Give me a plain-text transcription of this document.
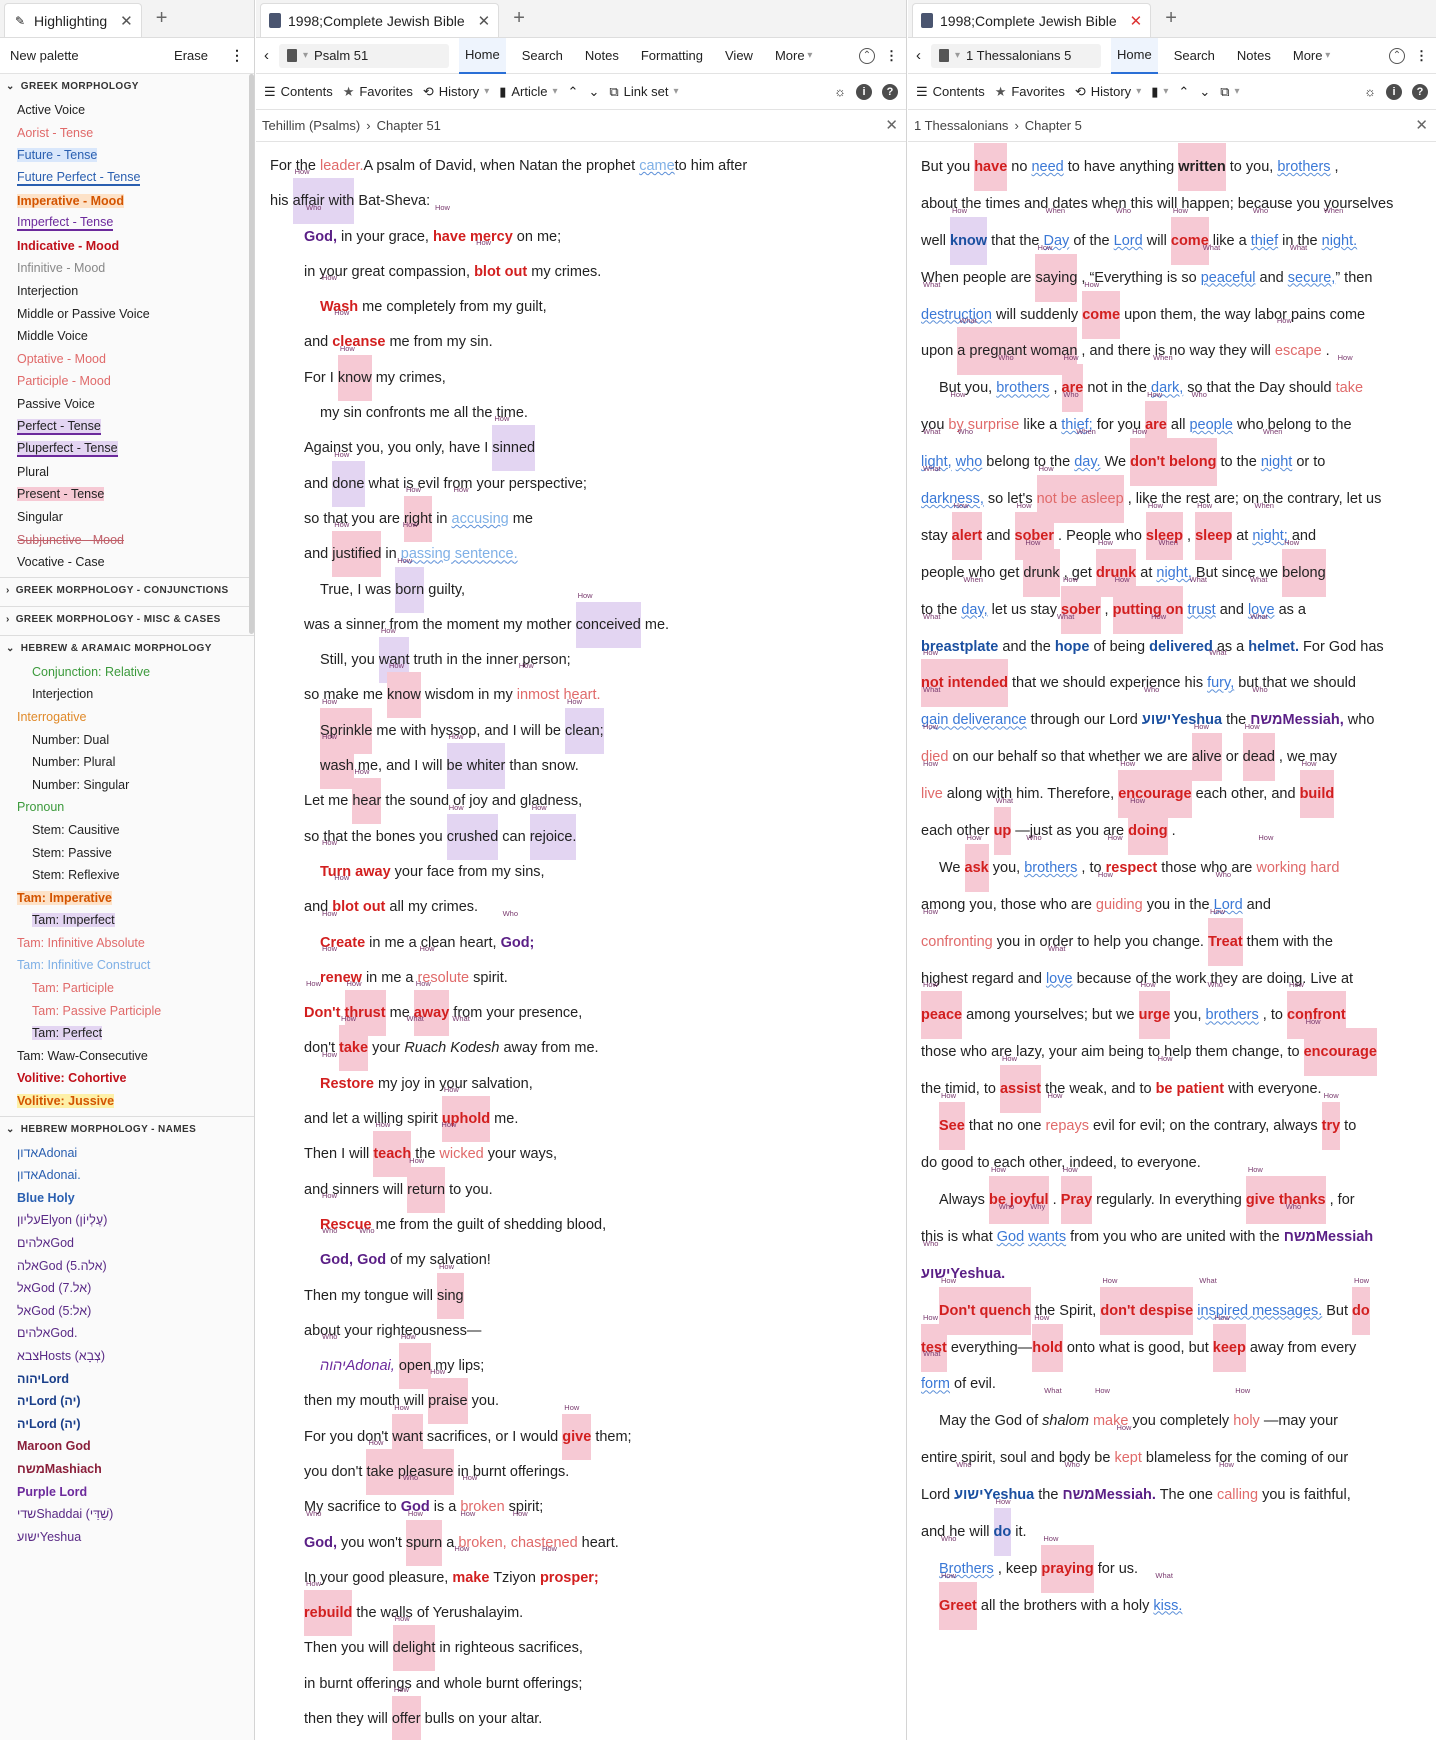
✎ Highlighting ✕ +
New palette	Erase ⋮
⌄ GREEK MORPHOLOGY
Active Voice
Aorist - Tense
Future - Tense
Future Perfect - Tense
Imperative - Mood
Imperfect - Tense
Indicative - Mood
Infinitive - Mood
Interjection
Middle or Passive Voice
Middle Voice
Optative - Mood
Participle - Mood
Passive Voice
Perfect - Tense
Pluperfect - Tense
Plural
Present - Tense
Singular
Subjunctive - Mood
Vocative - Case
› GREEK MORPHOLOGY - CONJUNCTIONS
› GREEK MORPHOLOGY - MISC & CASES
⌄ HEBREW & ARAMAIC MORPHOLOGY
Conjunction: Relative
Interjection
Interrogative
Number: Dual
Number: Plural
Number: Singular
Pronoun
Stem: Causitive
Stem: Passive
Stem: Reflexive
Tam: Imperative
Tam: Imperfect
Tam: Infinitive Absolute
Tam: Infinitive Construct
Tam: Participle
Tam: Passive Participle
Tam: Perfect
Tam: Waw-Consecutive
Volitive: Cohortive
Volitive: Jussive
⌄ HEBREW MORPHOLOGY - NAMES
אדוןAdonai
אדוןAdonai.
Blue Holy
עליוןElyon (עֶלְיוֹן)
אלהיםGod
אלהGod (5.אלה)
אלGod (7.אל)
אלGod (5:אל)
אלהיםGod.
צבאHosts (צְבָא)
יהוהLord
יהLord (יה)
יהLord (יה)
Maroon God
משחMashiach
Purple Lord
שדיShaddai (שַׁדַּי)
ישועYeshua
1998;Complete Jewish Bible ✕ +
‹	▾ Psalm 51	Home	Search	Notes	Formatting	View	More ▾	⌃ ⋮
☰ Contents ★ Favorites ⟲ History ▾ ▮ Article ▾ ⌃ ⌄ ⧉ Link set ▾	☼	i	?
Tehillim (Psalms) › Chapter 51	✕
For the How leader.A psalm of David, when Natan the prophet How cameto him after
his How affair with Bat-Sheva:
Who God, in your grace, How have mercy on me;
in your great compassion, How blot out my crimes.
How Wash me completely from my guilt,
and How cleanse me from my sin.
For I How know my crimes,
my sin confronts me all the time.
Against you, you only, have I How sinned
and How done what is evil from your perspective;
so that you are How right in How accusing me
and How justified in How passing sentence.
True, I was How born guilty,
was a sinner from the moment my mother How conceived me.
Still, you How want truth in the inner person;
so make me How know wisdom in my How inmost heart.
How Sprinkle me with hyssop, and I will be How clean;
How wash me, and I will How be whiter than snow.
Let me How hear the sound of joy and gladness,
so that the bones you How crushed can How rejoice.
How Turn away your face from my sins,
and How blot out all my crimes.
How Create in me a clean heart, Who God;
How renew in me a How resolute spirit.
How Don't How thrust me How away from your presence,
don't How take your What Ruach What Kodesh away from me.
How Restore my joy in your salvation,
and let a willing spirit How uphold me.
Then I will How teach the How wicked your ways,
and sinners will How return to you.
How Rescue me from the guilt of shedding blood,
Who God, Who God of my salvation!
Then my tongue will How sing
about your righteousness—
Who יהוהAdonai, How open my lips;
then my mouth will How praise you.
For you don't How want sacrifices, or I would How give them;
you don't How take pleasure in burnt offerings.
My sacrifice to Who God is a How broken spirit;
Who God, you won't How spurn a How broken, How chastened heart.
In your good pleasure, How make Tziyon How prosper;
How rebuild the walls of Yerushalayim.
Then you will How delight in righteous sacrifices,
in burnt offerings and whole burnt offerings;
then they will How offer bulls on your altar.
1998;Complete Jewish Bible ✕ +
‹	▾ 1 Thessalonians 5	Home	Search	Notes	More ▾	⌃ ⋮
☰ Contents ★ Favorites ⟲ History ▾ ▮ ▾ ⌃ ⌄ ⧉ ▾	☼	i	?
1 Thessalonians › Chapter 5	✕
But you How have no How need to have anything How written to you, Who brothers ,
about the times and dates when this will happen; because you yourselves
well How know that the When Day of the Who Lord will How come like a Who thief in the When night.
When people are How saying , “Everything is so What peaceful and What secure,” then
What destruction will suddenly How come upon them, the way labor pains come
upon What a pregnant woman , and there is no way they will How escape .
But you, Who brothers , How are not in the When dark, so that the Day should How take
you How by surprise like a Who thief; for you How are all Who people who belong to the
What light, Who who belong to the When day. We How don't belong to the When night or to
What darkness, so let's How not be asleep , like the rest are; on the contrary, let us
stay How alert and How sober . People who How sleep , How sleep at When night; and
people who get How drunk , get How drunk at When night. But since we How belong
to the When day, let us stay How sober , How putting on What trust and What love as a
What breastplate and the What hope of being How delivered as a What helmet. For God has
How not intended that we should experience his What fury, but that we should
What gain deliverance through our Lord Who ישועYeshua the Who משחMessiah, who
How died on our behalf so that whether we are How alive or How dead , we may
How live along with him. Therefore, How encourage each other, and How build
each other What up —just as you are How doing .
We How ask you, Who brothers , to How respect those who are How working hard
among you, those who are How guiding you in the Who Lord and
How confronting you in order to help you change. How Treat them with the
highest regard and What love because of the work they are doing. Live at
How peace among yourselves; but we How urge you, Who brothers , to How confront
those who are lazy, your aim being to help them change, to How encourage
the timid, to How assist the weak, and to How be patient with everyone.
How See that no one How repays evil for evil; on the contrary, always How try to
do good to each other, indeed, to everyone.
Always How be joyful . How Pray regularly. In everything How give thanks , for
this is what Who God Why wants from you who are united with the Who משחMessiah
Who ישועYeshua.
How Don't quench the Spirit, How don't despise What inspired messages. But How do
How test everything—How hold onto what is good, but How keep away from every
What form of evil.
May the God of What shalom How make you completely How holy —may your
entire spirit, soul and body be How kept blameless for the coming of our
Lord Who ישועYeshua the Who משחMessiah. The one How calling you is faithful,
and he will How do it.
Who Brothers , keep How praying for us.
How Greet all the brothers with a holy What kiss.
